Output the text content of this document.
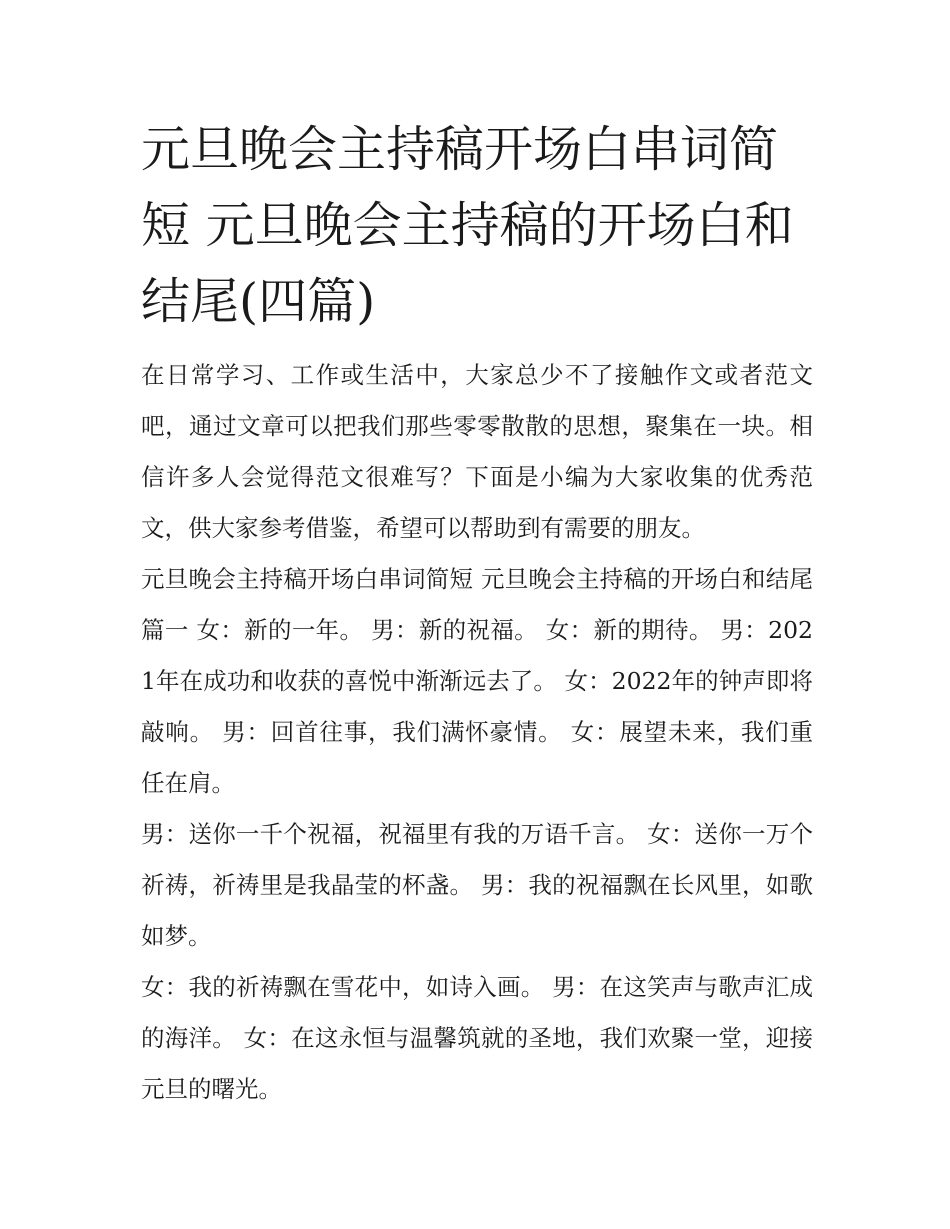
元旦晚会主持稿开场白串词简短 元旦晚会主持稿的开场白和结尾(四篇)

在日常学习、工作或生活中，大家总少不了接触作文或者范文吧，通过文章可以把我们那些零零散散的思想，聚集在一块。相信许多人会觉得范文很难写？下面是小编为大家收集的优秀范文，供大家参考借鉴，希望可以帮助到有需要的朋友。

元旦晚会主持稿开场白串词简短 元旦晚会主持稿的开场白和结尾篇一 女：新的一年。 男：新的祝福。 女：新的期待。 男：2021年在成功和收获的喜悦中渐渐远去了。 女：2022年的钟声即将敲响。 男：回首往事，我们满怀豪情。 女：展望未来，我们重任在肩。

男：送你一千个祝福，祝福里有我的万语千言。 女：送你一万个祈祷，祈祷里是我晶莹的杯盏。 男：我的祝福飘在长风里，如歌如梦。

女：我的祈祷飘在雪花中，如诗入画。 男：在这笑声与歌声汇成的海洋。 女：在这永恒与温馨筑就的圣地，我们欢聚一堂，迎接元旦的曙光。
